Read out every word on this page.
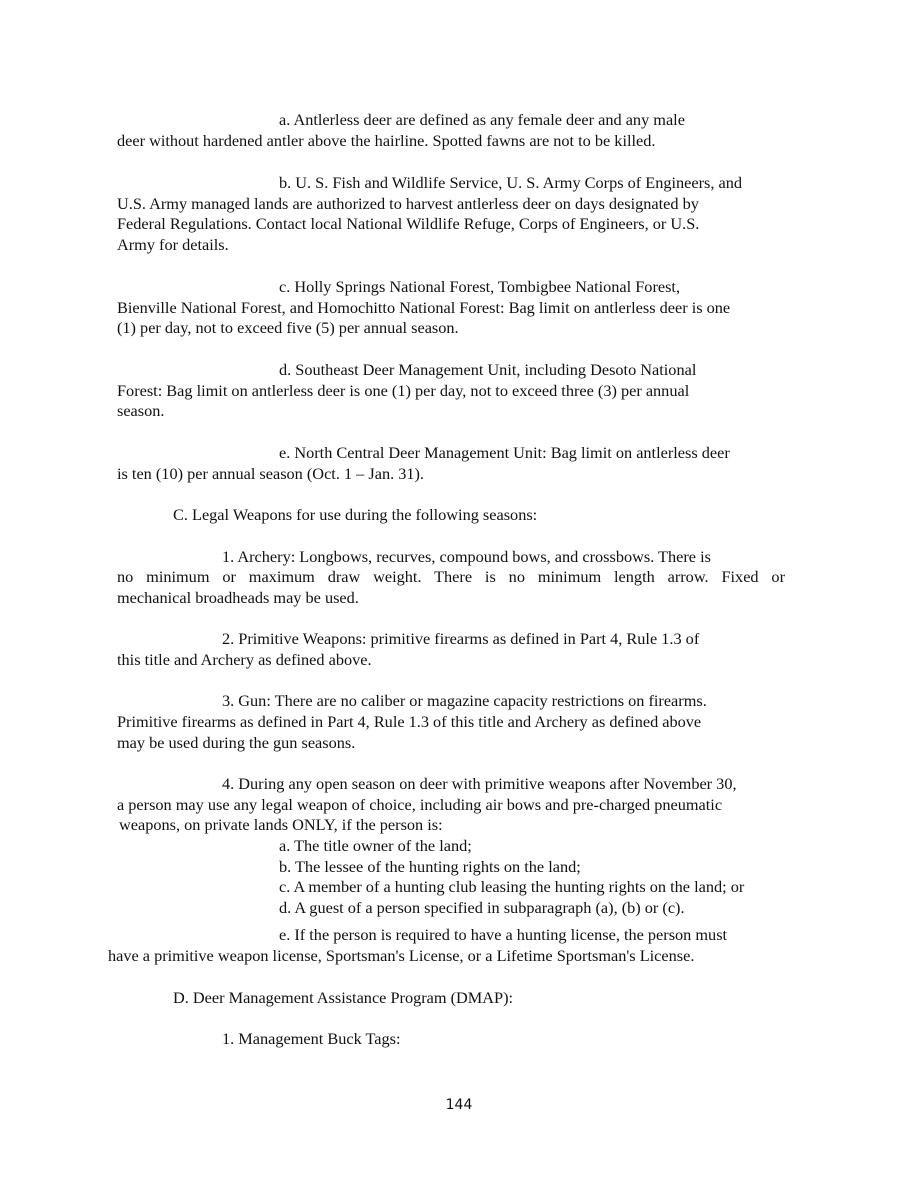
a. Antlerless deer are defined as any female deer and any male

deer without hardened antler above the hairline. Spotted fawns are not to be killed.

b. U. S. Fish and Wildlife Service, U. S. Army Corps of Engineers, and

U.S. Army managed lands are authorized to harvest antlerless deer on days designated by

Federal Regulations. Contact local National Wildlife Refuge, Corps of Engineers, or U.S.

Army for details.

c. Holly Springs National Forest, Tombigbee National Forest,

Bienville National Forest, and Homochitto National Forest: Bag limit on antlerless deer is one

(1) per day, not to exceed five (5) per annual season.

d. Southeast Deer Management Unit, including Desoto National

Forest: Bag limit on antlerless deer is one (1) per day, not to exceed three (3) per annual

season.

e. North Central Deer Management Unit: Bag limit on antlerless deer

is ten (10) per annual season (Oct. 1 – Jan. 31).

C. Legal Weapons for use during the following seasons:

1. Archery: Longbows, recurves, compound bows, and crossbows. There is

no minimum or maximum draw weight. There is no minimum length arrow. Fixed or

mechanical broadheads may be used.

2. Primitive Weapons: primitive firearms as defined in Part 4, Rule 1.3 of

this title and Archery as defined above.

3. Gun: There are no caliber or magazine capacity restrictions on firearms.

Primitive firearms as defined in Part 4, Rule 1.3 of this title and Archery as defined above

may be used during the gun seasons.

4. During any open season on deer with primitive weapons after November 30,

a person may use any legal weapon of choice, including air bows and pre-charged pneumatic

weapons, on private lands ONLY, if the person is:

a. The title owner of the land;

b. The lessee of the hunting rights on the land;

c. A member of a hunting club leasing the hunting rights on the land; or

d. A guest of a person specified in subparagraph (a), (b) or (c).

e. If the person is required to have a hunting license, the person must

have a primitive weapon license, Sportsman's License, or a Lifetime Sportsman's License.

D. Deer Management Assistance Program (DMAP):

1. Management Buck Tags:

144
